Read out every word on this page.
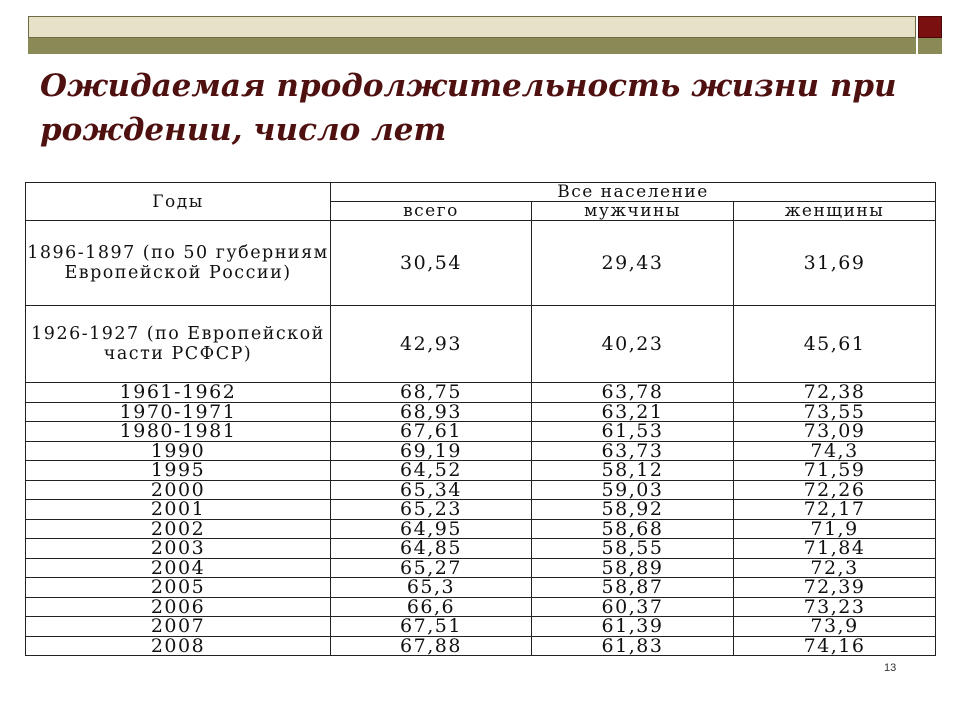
Ожидаемая продолжительность жизни при рождении, число лет
Годы	Все население		
	всего	мужчины	женщины
1896-1897 (по 50 губерниям Европейской России)	30,54	29,43	31,69
1926-1927 (по Европейской части РСФСР)	42,93	40,23	45,61
1961-1962	68,75	63,78	72,38
1970-1971	68,93	63,21	73,55
1980-1981	67,61	61,53	73,09
1990	69,19	63,73	74,3
1995	64,52	58,12	71,59
2000	65,34	59,03	72,26
2001	65,23	58,92	72,17
2002	64,95	58,68	71,9
2003	64,85	58,55	71,84
2004	65,27	58,89	72,3
2005	65,3	58,87	72,39
2006	66,6	60,37	73,23
2007	67,51	61,39	73,9
2008	67,88	61,83	74,16
13
